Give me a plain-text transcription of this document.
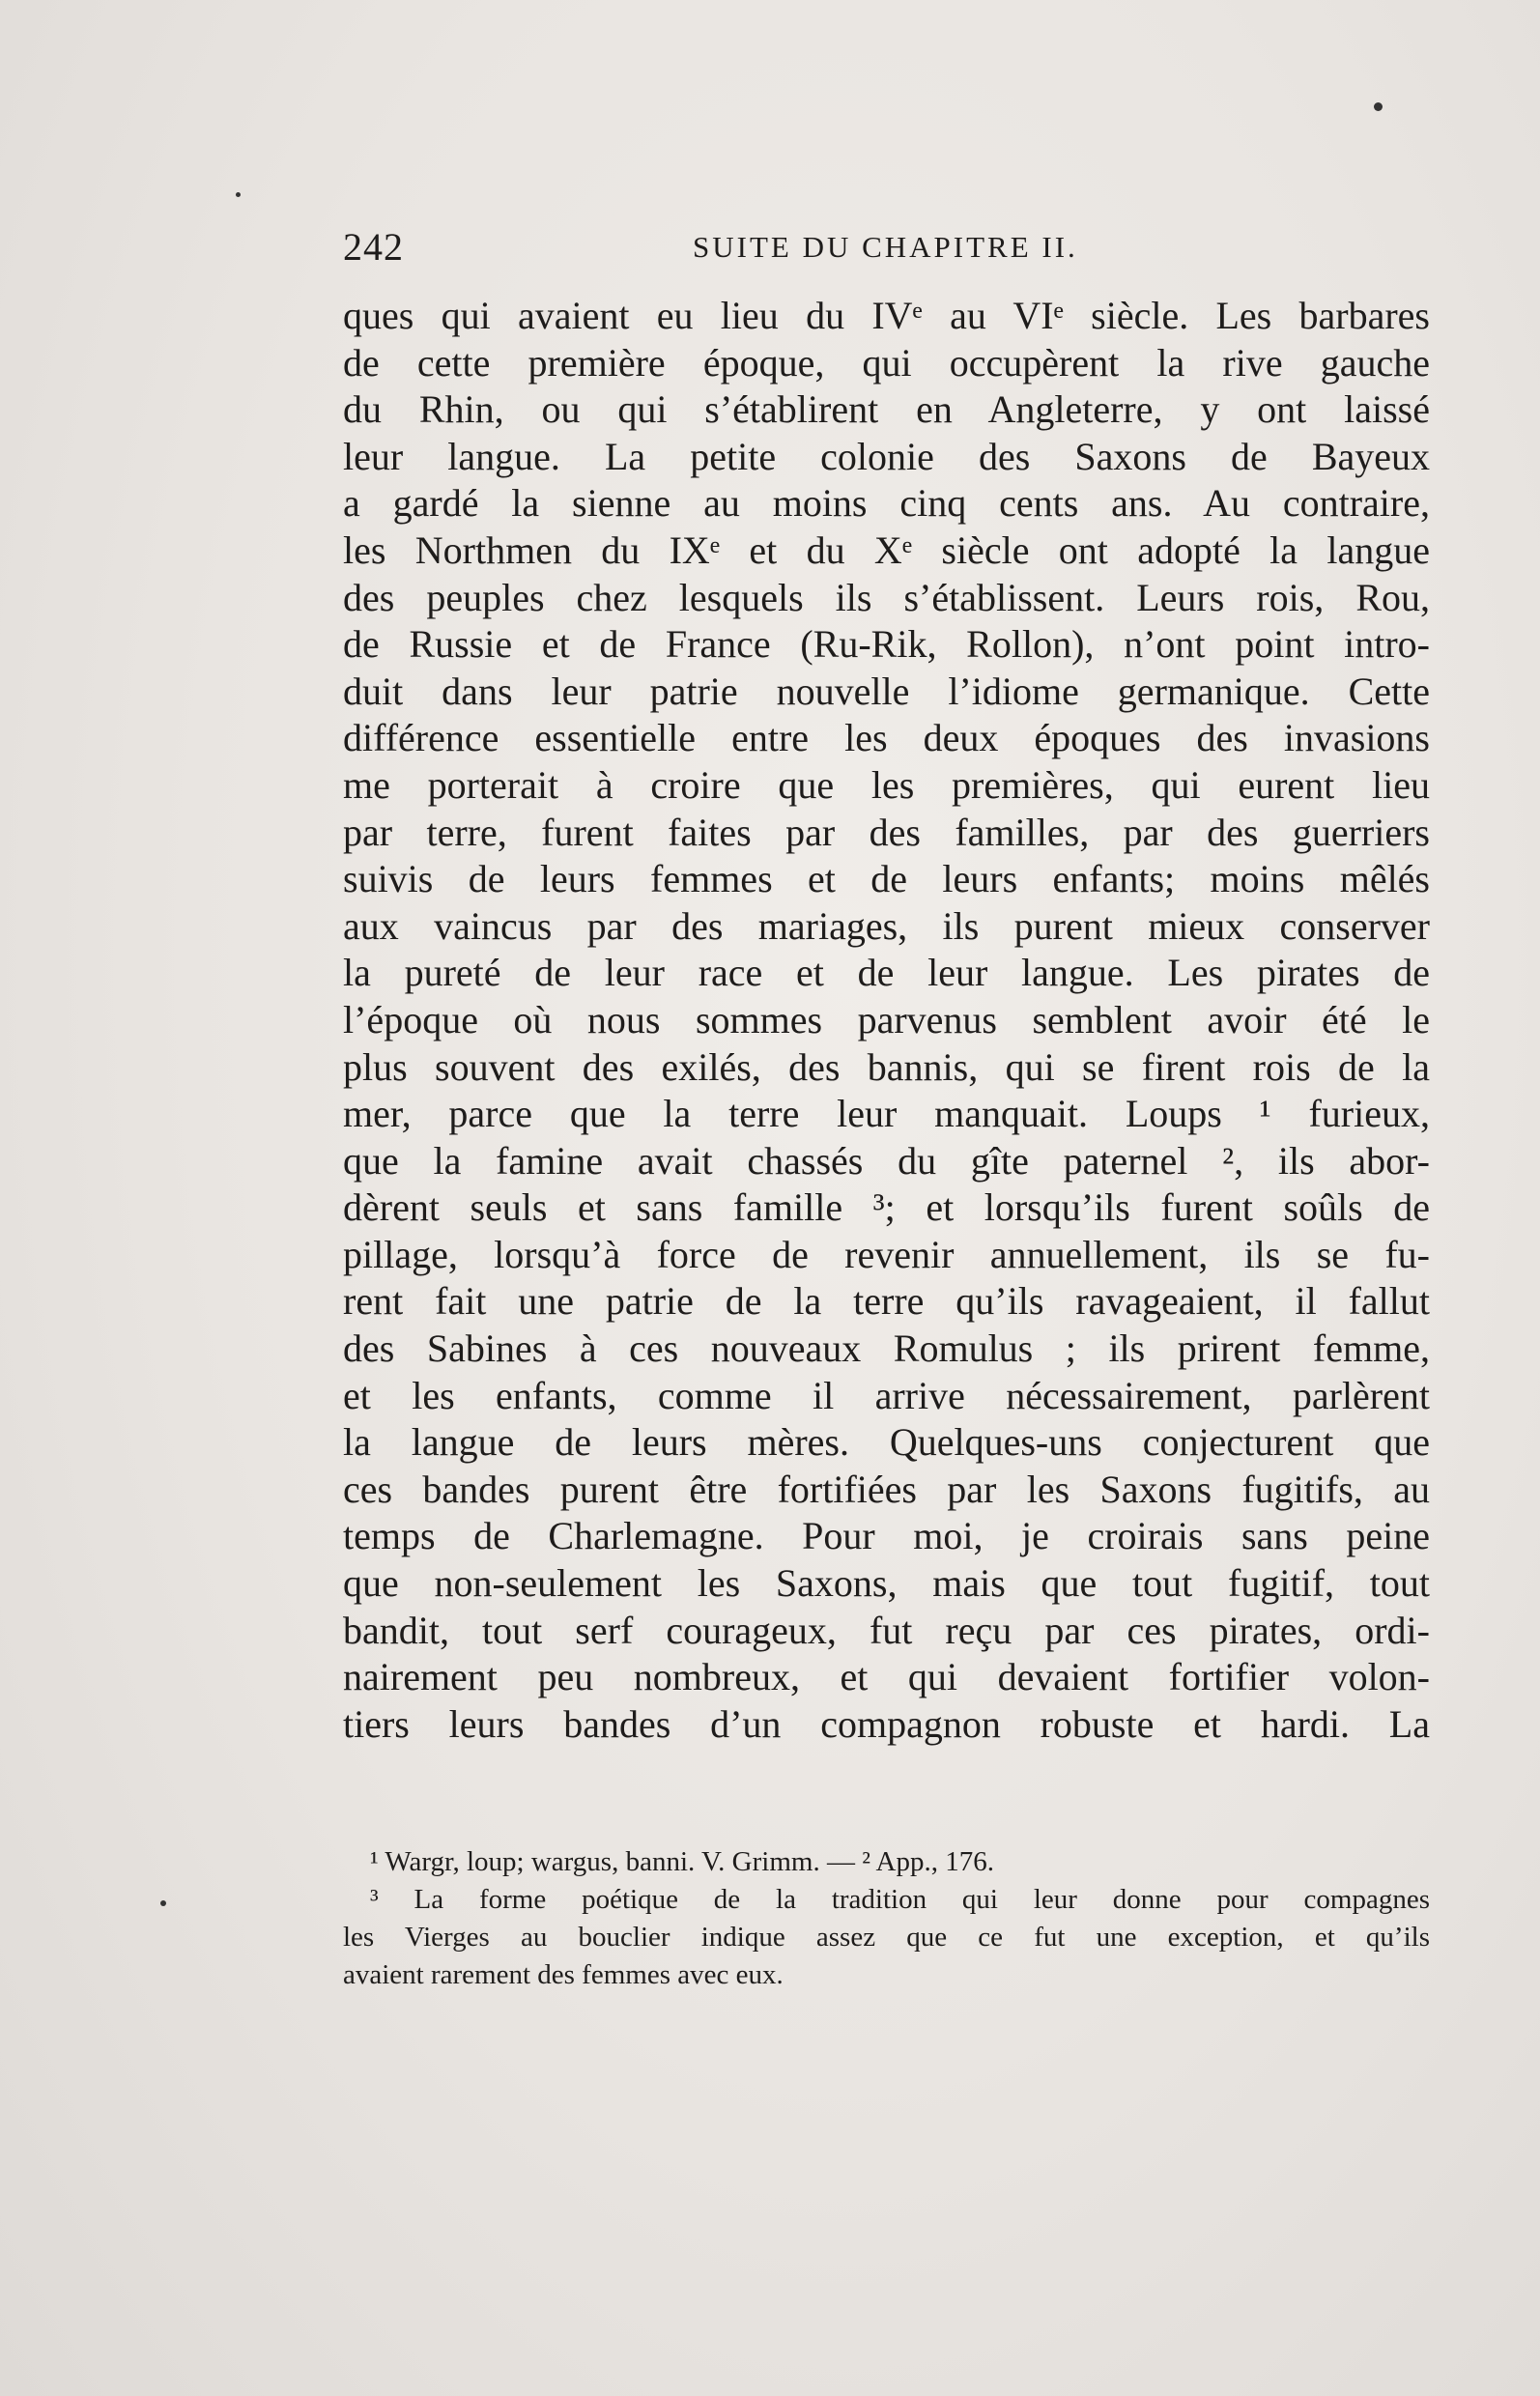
242	SUITE DU CHAPITRE II.
ques qui avaient eu lieu du IVᵉ au VIᵉ siècle. Les barbares
de cette première époque, qui occupèrent la rive gauche
du Rhin, ou qui s’établirent en Angleterre, y ont laissé
leur langue. La petite colonie des Saxons de Bayeux
a gardé la sienne au moins cinq cents ans. Au contraire,
les Northmen du IXᵉ et du Xᵉ siècle ont adopté la langue
des peuples chez lesquels ils s’établissent. Leurs rois, Rou,
de Russie et de France (Ru-Rik, Rollon), n’ont point intro-
duit dans leur patrie nouvelle l’idiome germanique. Cette
différence essentielle entre les deux époques des invasions
me porterait à croire que les premières, qui eurent lieu
par terre, furent faites par des familles, par des guerriers
suivis de leurs femmes et de leurs enfants; moins mêlés
aux vaincus par des mariages, ils purent mieux conserver
la pureté de leur race et de leur langue. Les pirates de
l’époque où nous sommes parvenus semblent avoir été le
plus souvent des exilés, des bannis, qui se firent rois de la
mer, parce que la terre leur manquait. Loups ¹ furieux,
que la famine avait chassés du gîte paternel ², ils abor-
dèrent seuls et sans famille ³; et lorsqu’ils furent soûls de
pillage, lorsqu’à force de revenir annuellement, ils se fu-
rent fait une patrie de la terre qu’ils ravageaient, il fallut
des Sabines à ces nouveaux Romulus ; ils prirent femme,
et les enfants, comme il arrive nécessairement, parlèrent
la langue de leurs mères. Quelques-uns conjecturent que
ces bandes purent être fortifiées par les Saxons fugitifs, au
temps de Charlemagne. Pour moi, je croirais sans peine
que non-seulement les Saxons, mais que tout fugitif, tout
bandit, tout serf courageux, fut reçu par ces pirates, ordi-
nairement peu nombreux, et qui devaient fortifier volon-
tiers leurs bandes d’un compagnon robuste et hardi. La
¹ Wargr, loup; wargus, banni. V. Grimm. — ² App., 176.
³ La forme poétique de la tradition qui leur donne pour compagnes
les Vierges au bouclier indique assez que ce fut une exception, et qu’ils
avaient rarement des femmes avec eux.
